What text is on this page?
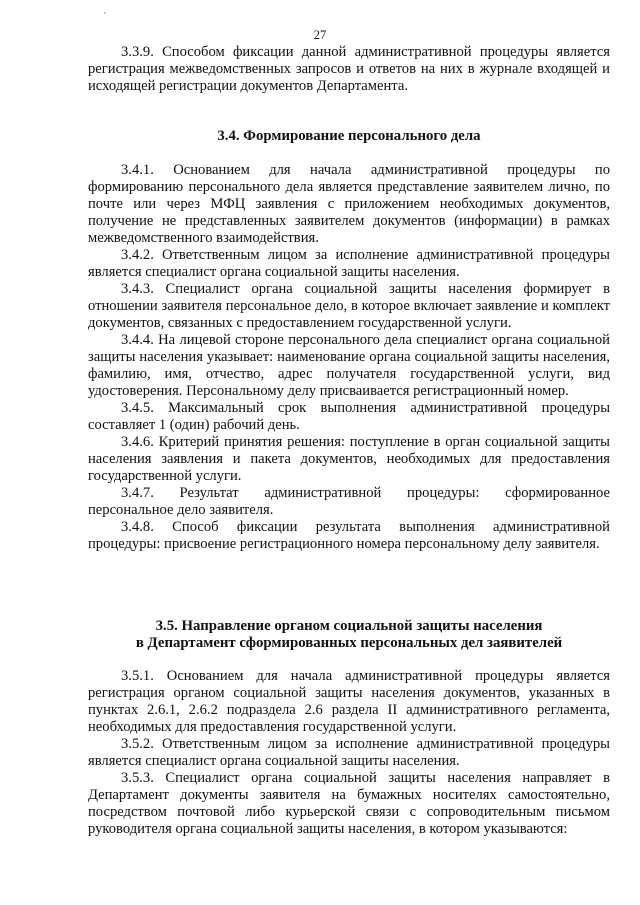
´
27

3.3.9. Способом фиксации данной административной процедуры является регистрация межведомственных запросов и ответов на них в журнале входящей и исходящей регистрации документов Департамента.

3.4. Формирование персонального дела

3.4.1. Основанием для начала административной процедуры по формированию персонального дела является представление заявителем лично, по почте или через МФЦ заявления с приложением необходимых документов, получение не представленных заявителем документов (информации) в рамках межведомственного взаимодействия.

3.4.2. Ответственным лицом за исполнение административной процедуры является специалист органа социальной защиты населения.

3.4.3. Специалист органа социальной защиты населения формирует в отношении заявителя персональное дело, в которое включает заявление и комплект документов, связанных с предоставлением государственной услуги.

3.4.4. На лицевой стороне персонального дела специалист органа социальной защиты населения указывает: наименование органа социальной защиты населения, фамилию, имя, отчество, адрес получателя государственной услуги, вид удостоверения. Персональному делу присваивается регистрационный номер.

3.4.5. Максимальный срок выполнения административной процедуры составляет 1 (один) рабочий день.

3.4.6. Критерий принятия решения: поступление в орган социальной защиты населения заявления и пакета документов, необходимых для предоставления государственной услуги.

3.4.7. Результат административной процедуры: сформированное персональное дело заявителя.

3.4.8. Способ фиксации результата выполнения административной процедуры: присвоение регистрационного номера персональному делу заявителя.

3.5. Направление органом социальной защиты населения
в Департамент сформированных персональных дел заявителей

3.5.1. Основанием для начала административной процедуры является регистрация органом социальной защиты населения документов, указанных в пунктах 2.6.1, 2.6.2 подраздела 2.6 раздела II административного регламента, необходимых для предоставления государственной услуги.

3.5.2. Ответственным лицом за исполнение административной процедуры является специалист органа социальной защиты населения.

3.5.3. Специалист органа социальной защиты населения направляет в Департамент документы заявителя на бумажных носителях самостоятельно, посредством почтовой либо курьерской связи с сопроводительным письмом руководителя органа социальной защиты населения, в котором указываются:
